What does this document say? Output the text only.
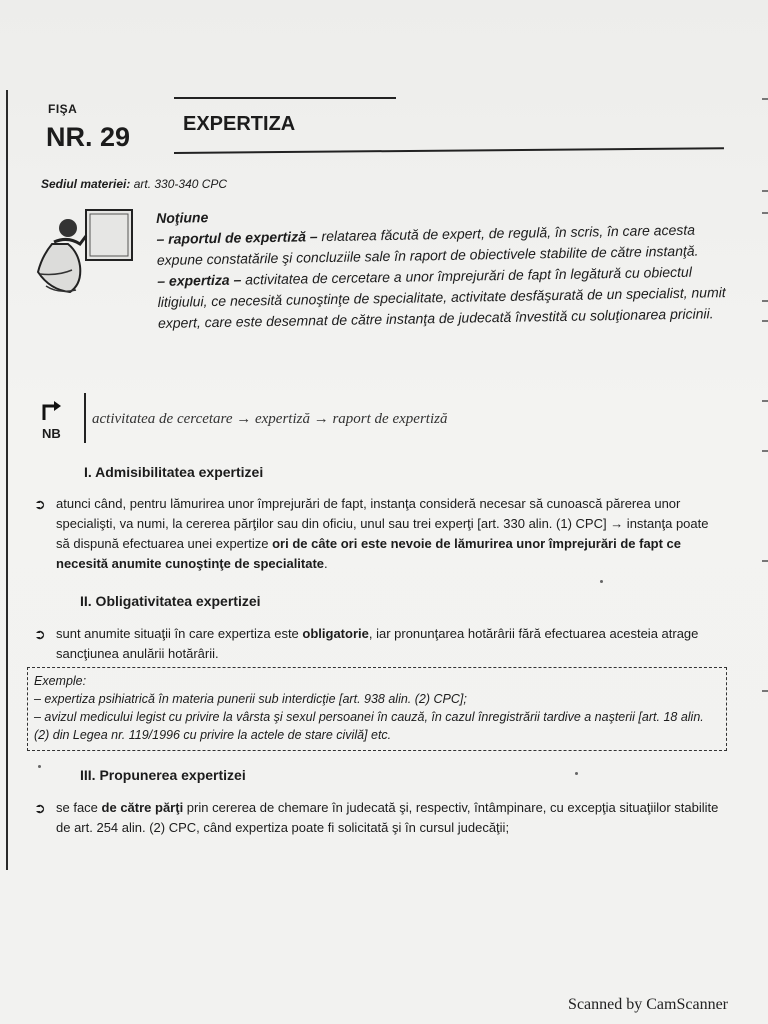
FIŞA
NR. 29	EXPERTIZA
Sediul materiei: art. 330-340 CPC

Noţiune

– raportul de expertiză – relatarea făcută de expert, de regulă, în scris, în care acesta expune constatările şi concluziile sale în raport de obiectivele stabilite de către instanţă.

– expertiza – activitatea de cercetare a unor împrejurări de fapt în legătură cu obiectul litigiului, ce necesită cunoştinţe de specialitate, activitate desfăşurată de un specialist, numit expert, care este desemnat de către instanţa de judecată învestită cu soluţionarea pricinii.

NB
activitatea de cercetare → expertiză → raport de expertiză
I. Admisibilitatea expertizei
➲ atunci când, pentru lămurirea unor împrejurări de fapt, instanţa consideră necesar să cunoască părerea unor specialişti, va numi, la cererea părţilor sau din oficiu, unul sau trei experţi [art. 330 alin. (1) CPC] → instanţa poate să dispună efectuarea unei expertize ori de câte ori este nevoie de lămurirea unor împrejurări de fapt ce necesită anumite cunoştinţe de specialitate.

II. Obligativitatea expertizei
➲ sunt anumite situaţii în care expertiza este obligatorie, iar pronunţarea hotărârii fără efectuarea acesteia atrage sancţiunea anulării hotărârii.

Exemple:

– expertiza psihiatrică în materia punerii sub interdicţie [art. 938 alin. (2) CPC];

– avizul medicului legist cu privire la vârsta şi sexul persoanei în cauză, în cazul înregistrării tardive a naşterii [art. 18 alin. (2) din Legea nr. 119/1996 cu privire la actele de stare civilă] etc.

III. Propunerea expertizei
➲ se face de către părţi prin cererea de chemare în judecată şi, respectiv, întâmpinare, cu excepţia situaţiilor stabilite de art. 254 alin. (2) CPC, când expertiza poate fi solicitată şi în cursul judecăţii;

Scanned by CamScanner
